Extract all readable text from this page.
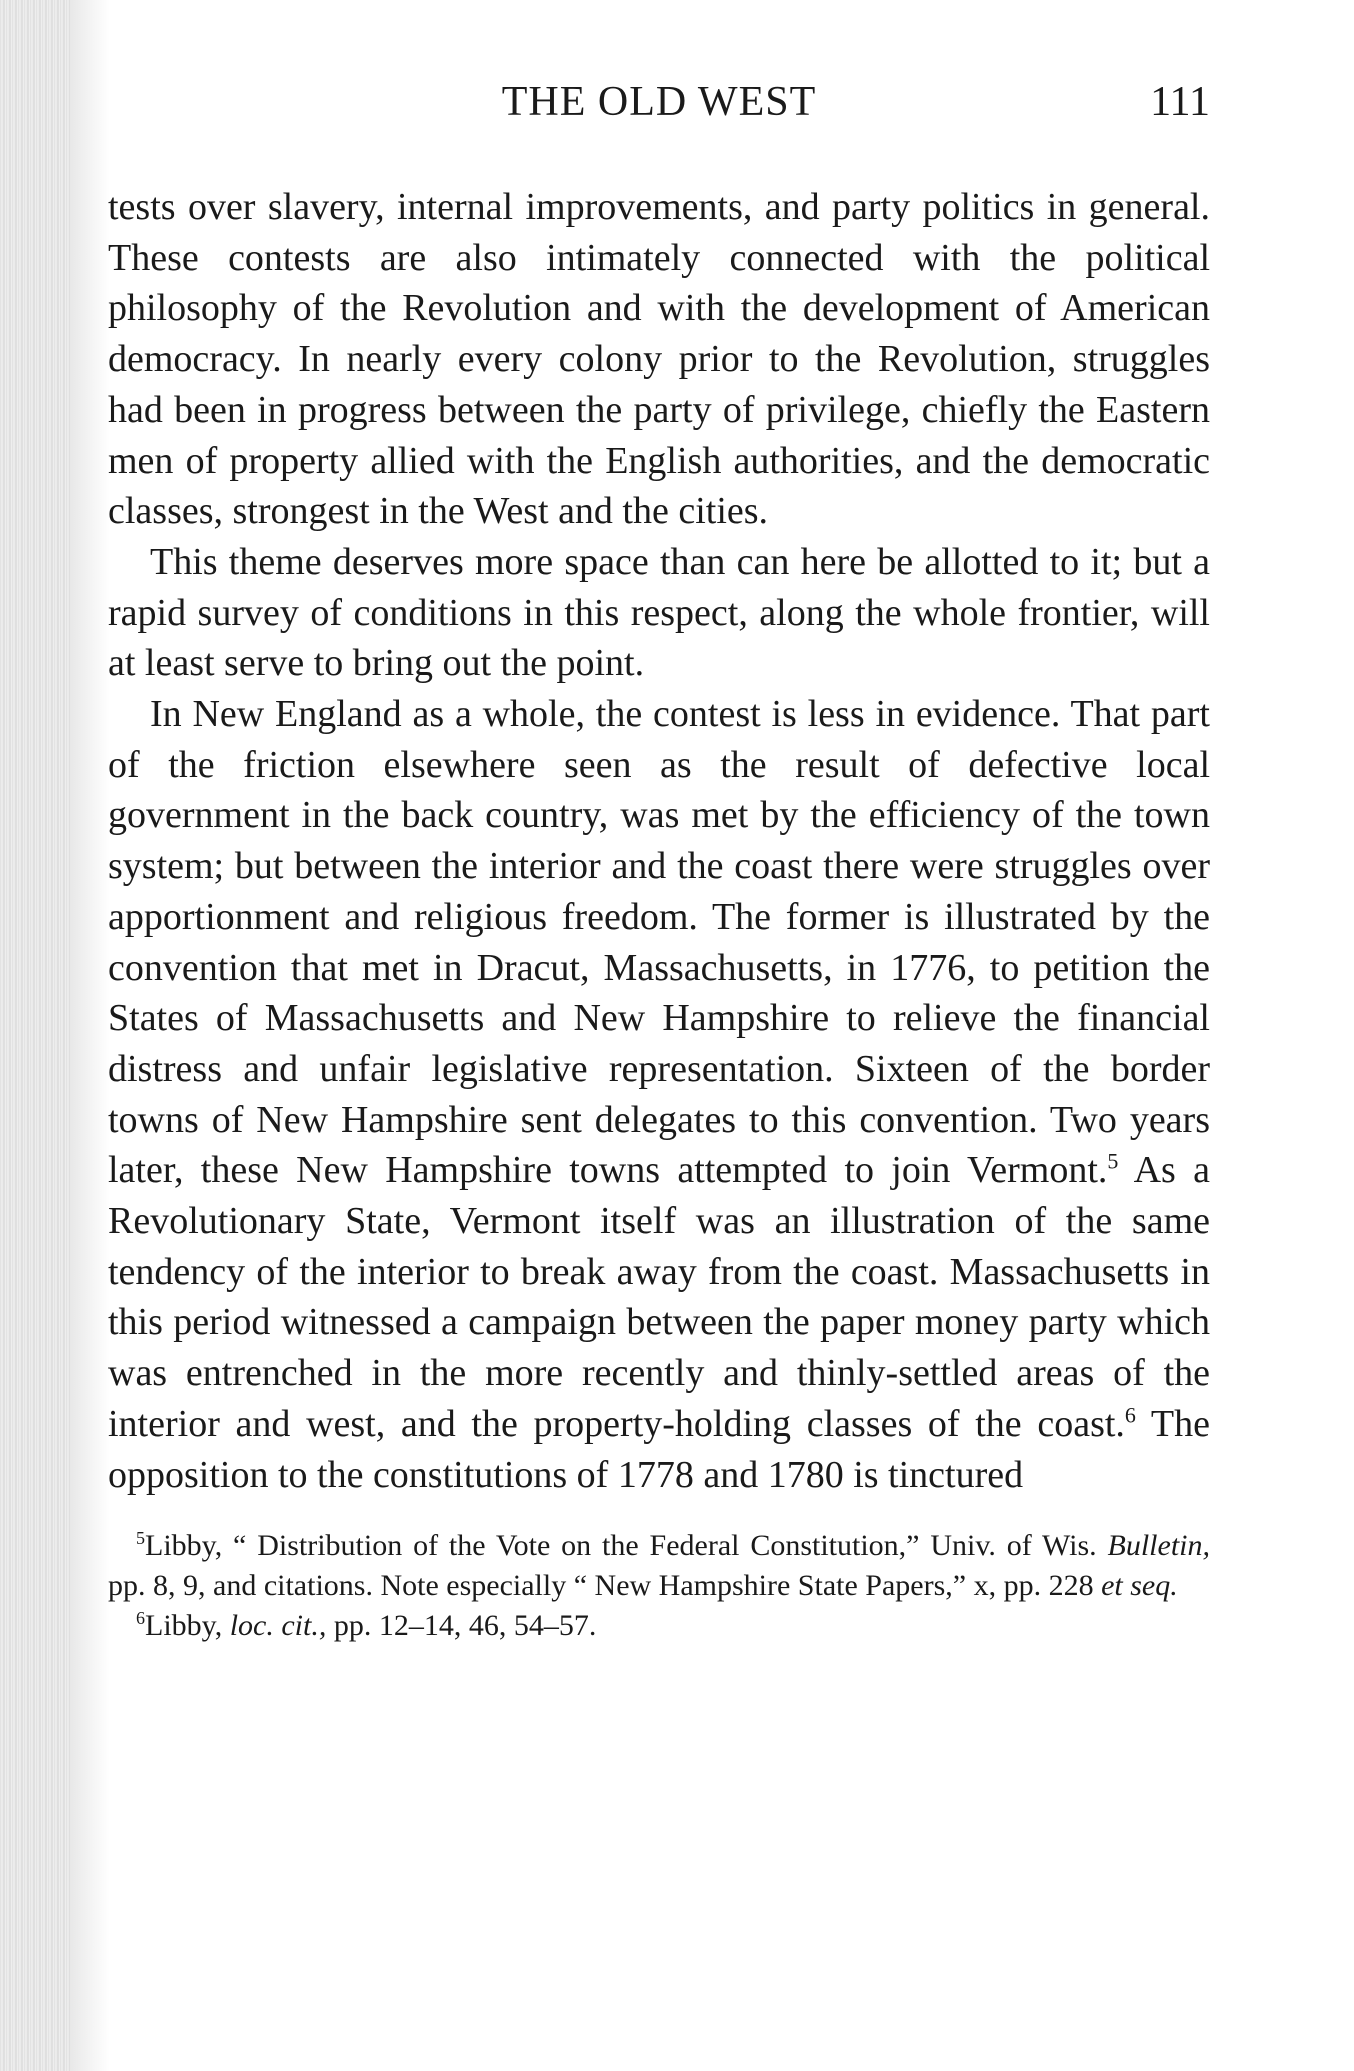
THE OLD WEST	111

tests over slavery, internal improvements, and party politics in general. These contests are also intimately connected with the political philosophy of the Revolution and with the development of American democracy. In nearly every colony prior to the Revolution, struggles had been in progress between the party of privilege, chiefly the Eastern men of property allied with the English authorities, and the democratic classes, strongest in the West and the cities.

This theme deserves more space than can here be allotted to it; but a rapid survey of conditions in this respect, along the whole frontier, will at least serve to bring out the point.

In New England as a whole, the contest is less in evidence. That part of the friction elsewhere seen as the result of defective local government in the back country, was met by the efficiency of the town system; but between the interior and the coast there were struggles over apportionment and religious freedom. The former is illustrated by the convention that met in Dracut, Massachusetts, in 1776, to petition the States of Massachusetts and New Hampshire to relieve the financial distress and unfair legislative representation. Sixteen of the border towns of New Hampshire sent delegates to this convention. Two years later, these New Hampshire towns attempted to join Vermont.$^5$ As a Revolutionary State, Vermont itself was an illustration of the same tendency of the interior to break away from the coast. Massachusetts in this period witnessed a campaign between the paper money party which was entrenched in the more recently and thinly-settled areas of the interior and west, and the property-holding classes of the coast.$^6$ The opposition to the constitutions of 1778 and 1780 is tinctured

$^5$Libby, “ Distribution of the Vote on the Federal Constitution,” Univ. of Wis. Bulletin, pp. 8, 9, and citations. Note especially “ New Hampshire State Papers,” x, pp. 228 et seq.

$^6$Libby, loc. cit., pp. 12–14, 46, 54–57.
